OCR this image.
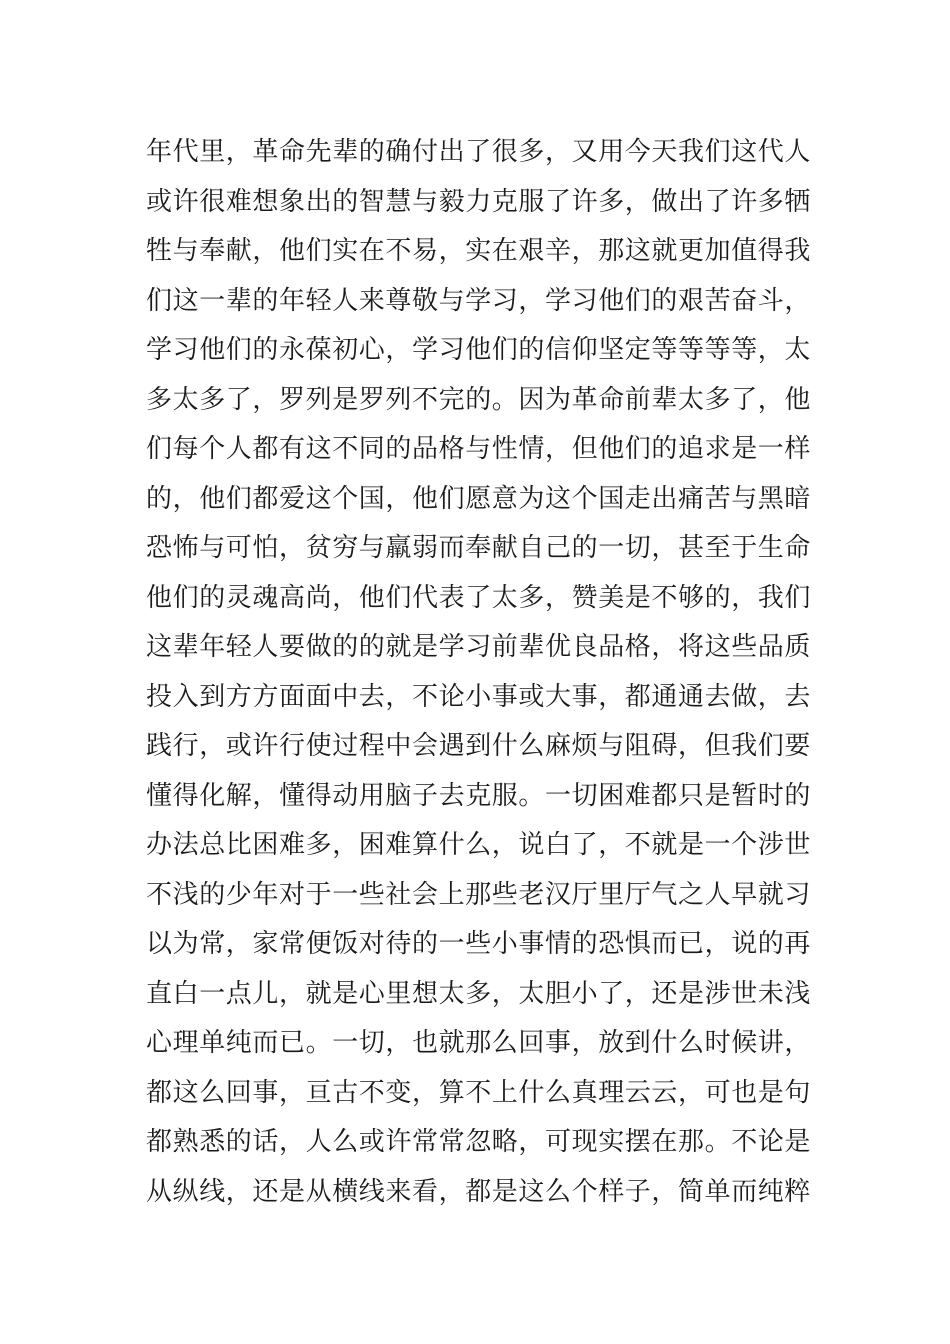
年代里，革命先辈的确付出了很多，又用今天我们这代人
或许很难想象出的智慧与毅力克服了许多，做出了许多牺
牲与奉献，他们实在不易，实在艰辛，那这就更加值得我
们这一辈的年轻人来尊敬与学习，学习他们的艰苦奋斗，
学习他们的永葆初心，学习他们的信仰坚定等等等等，太
多太多了，罗列是罗列不完的。因为革命前辈太多了，他
们每个人都有这不同的品格与性情，但他们的追求是一样
的，他们都爱这个国，他们愿意为这个国走出痛苦与黑暗
恐怖与可怕，贫穷与羸弱而奉献自己的一切，甚至于生命
他们的灵魂高尚，他们代表了太多，赞美是不够的，我们
这辈年轻人要做的的就是学习前辈优良品格，将这些品质
投入到方方面面中去，不论小事或大事，都通通去做，去
践行，或许行使过程中会遇到什么麻烦与阻碍，但我们要
懂得化解，懂得动用脑子去克服。一切困难都只是暂时的
办法总比困难多，困难算什么，说白了，不就是一个涉世
不浅的少年对于一些社会上那些老汉厅里厅气之人早就习
以为常，家常便饭对待的一些小事情的恐惧而已，说的再
直白一点儿，就是心里想太多，太胆小了，还是涉世未浅
心理单纯而已。一切，也就那么回事，放到什么时候讲，
都这么回事，亘古不变，算不上什么真理云云，可也是句
都熟悉的话，人么或许常常忽略，可现实摆在那。不论是
从纵线，还是从横线来看，都是这么个样子，简单而纯粹
